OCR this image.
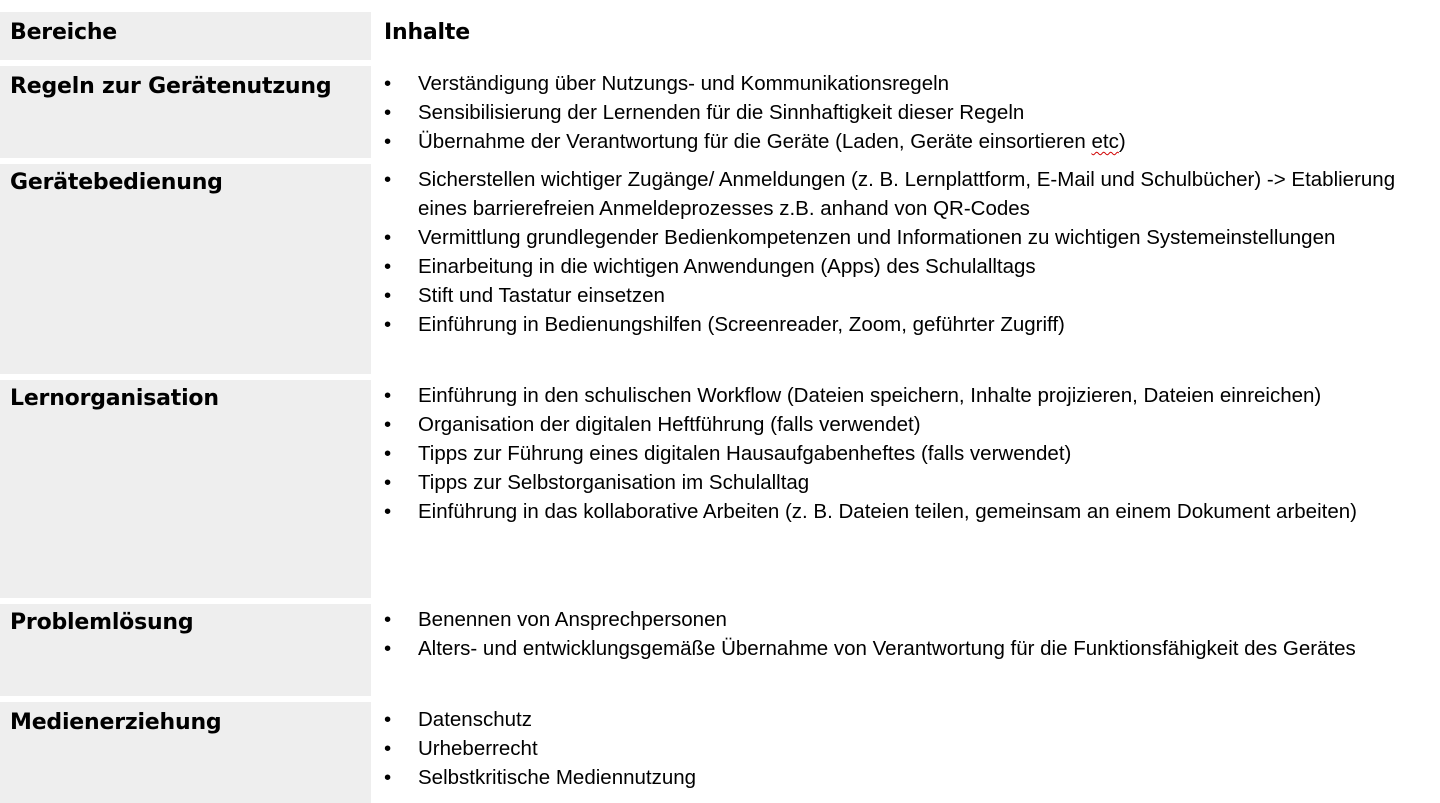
Bereiche	Inhalte
Regeln zur Gerätenutzung	• Verständigung über Nutzungs- und Kommunikationsregeln
• Sensibilisierung der Lernenden für die Sinnhaftigkeit dieser Regeln
• Übernahme der Verantwortung für die Geräte (Laden, Geräte einsortieren etc)
Gerätebedienung	• Sicherstellen wichtiger Zugänge/ Anmeldungen (z. B. Lernplattform, E-Mail und Schulbücher) -> Etablierung eines barrierefreien Anmeldeprozesses z.B. anhand von QR-Codes
• Vermittlung grundlegender Bedienkompetenzen und Informationen zu wichtigen Systemeinstellungen
• Einarbeitung in die wichtigen Anwendungen (Apps) des Schulalltags
• Stift und Tastatur einsetzen
• Einführung in Bedienungshilfen (Screenreader, Zoom, geführter Zugriff)
Lernorganisation	• Einführung in den schulischen Workflow (Dateien speichern, Inhalte projizieren, Dateien einreichen)
• Organisation der digitalen Heftführung (falls verwendet)
• Tipps zur Führung eines digitalen Hausaufgabenheftes (falls verwendet)
• Tipps zur Selbstorganisation im Schulalltag
• Einführung in das kollaborative Arbeiten (z. B. Dateien teilen, gemeinsam an einem Dokument arbeiten)
Problemlösung	• Benennen von Ansprechpersonen
• Alters- und entwicklungsgemäße Übernahme von Verantwortung für die Funktionsfähigkeit des Gerätes
Medienerziehung	• Datenschutz
• Urheberrecht
• Selbstkritische Mediennutzung
